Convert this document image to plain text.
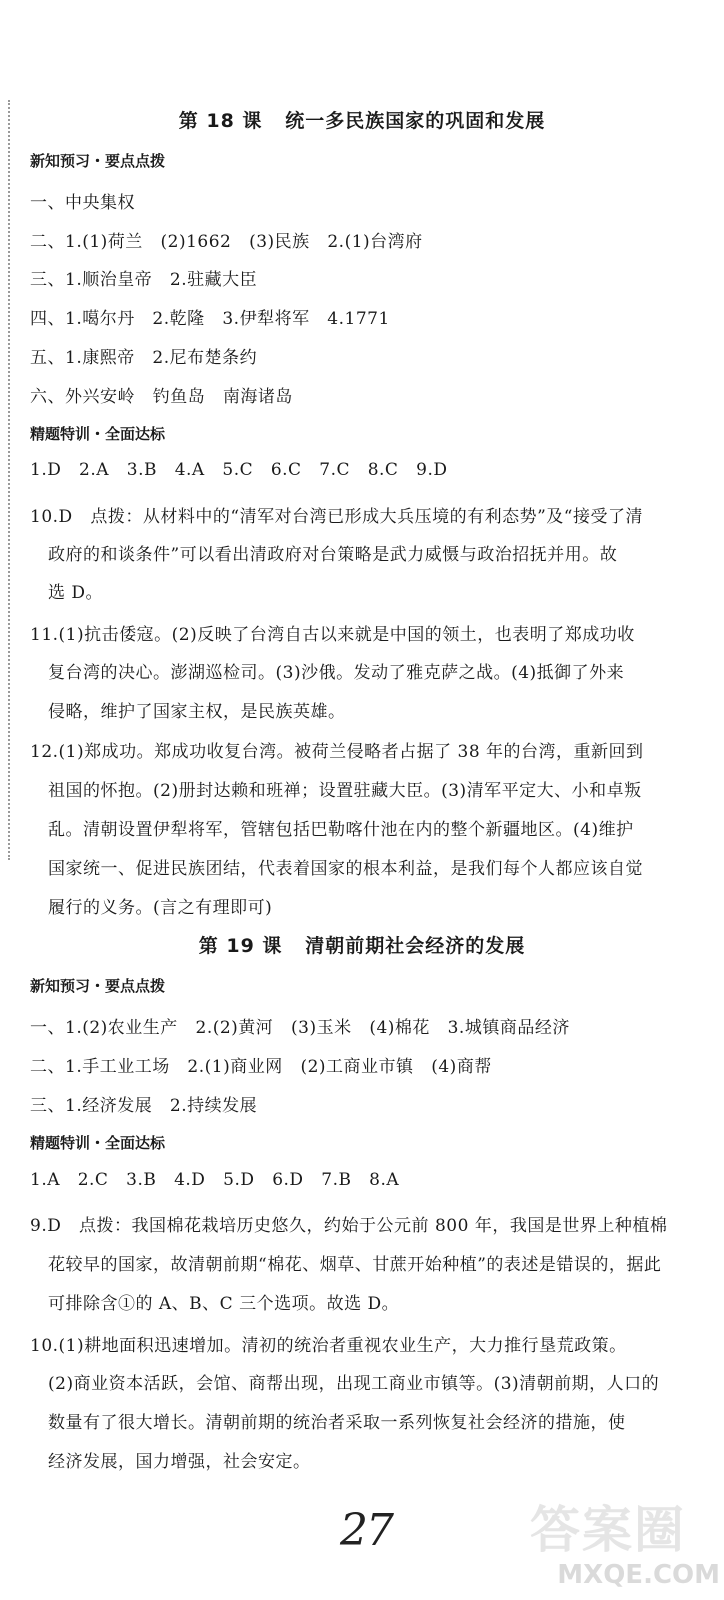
第 18 课   统一多民族国家的巩固和发展
新知预习・要点点拨
一、中央集权
二、1.(1)荷兰   (2)1662   (3)民族   2.(1)台湾府
三、1.顺治皇帝   2.驻藏大臣
四、1.噶尔丹   2.乾隆   3.伊犁将军   4.1771
五、1.康熙帝   2.尼布楚条约
六、外兴安岭   钓鱼岛   南海诸岛
精题特训・全面达标
1.D   2.A   3.B   4.A   5.C   6.C   7.C   8.C   9.D
10.D   点拨：从材料中的“清军对台湾已形成大兵压境的有利态势”及“接受了清
政府的和谈条件”可以看出清政府对台策略是武力威慑与政治招抚并用。故
选 D。
11.(1)抗击倭寇。(2)反映了台湾自古以来就是中国的领土，也表明了郑成功收
复台湾的决心。澎湖巡检司。(3)沙俄。发动了雅克萨之战。(4)抵御了外来
侵略，维护了国家主权，是民族英雄。
12.(1)郑成功。郑成功收复台湾。被荷兰侵略者占据了 38 年的台湾，重新回到
祖国的怀抱。(2)册封达赖和班禅；设置驻藏大臣。(3)清军平定大、小和卓叛
乱。清朝设置伊犁将军，管辖包括巴勒喀什池在内的整个新疆地区。(4)维护
国家统一、促进民族团结，代表着国家的根本利益，是我们每个人都应该自觉
履行的义务。(言之有理即可)
第 19 课   清朝前期社会经济的发展
新知预习・要点点拨
一、1.(2)农业生产   2.(2)黄河   (3)玉米   (4)棉花   3.城镇商品经济
二、1.手工业工场   2.(1)商业网   (2)工商业市镇   (4)商帮
三、1.经济发展   2.持续发展
精题特训・全面达标
1.A   2.C   3.B   4.D   5.D   6.D   7.B   8.A
9.D   点拨：我国棉花栽培历史悠久，约始于公元前 800 年，我国是世界上种植棉
花较早的国家，故清朝前期“棉花、烟草、甘蔗开始种植”的表述是错误的，据此
可排除含①的 A、B、C 三个选项。故选 D。
10.(1)耕地面积迅速增加。清初的统治者重视农业生产，大力推行垦荒政策。
(2)商业资本活跃，会馆、商帮出现，出现工商业市镇等。(3)清朝前期，人口的
数量有了很大增长。清朝前期的统治者采取一系列恢复社会经济的措施，使
经济发展，国力增强，社会安定。
27	答案圈
MXQE.COM
